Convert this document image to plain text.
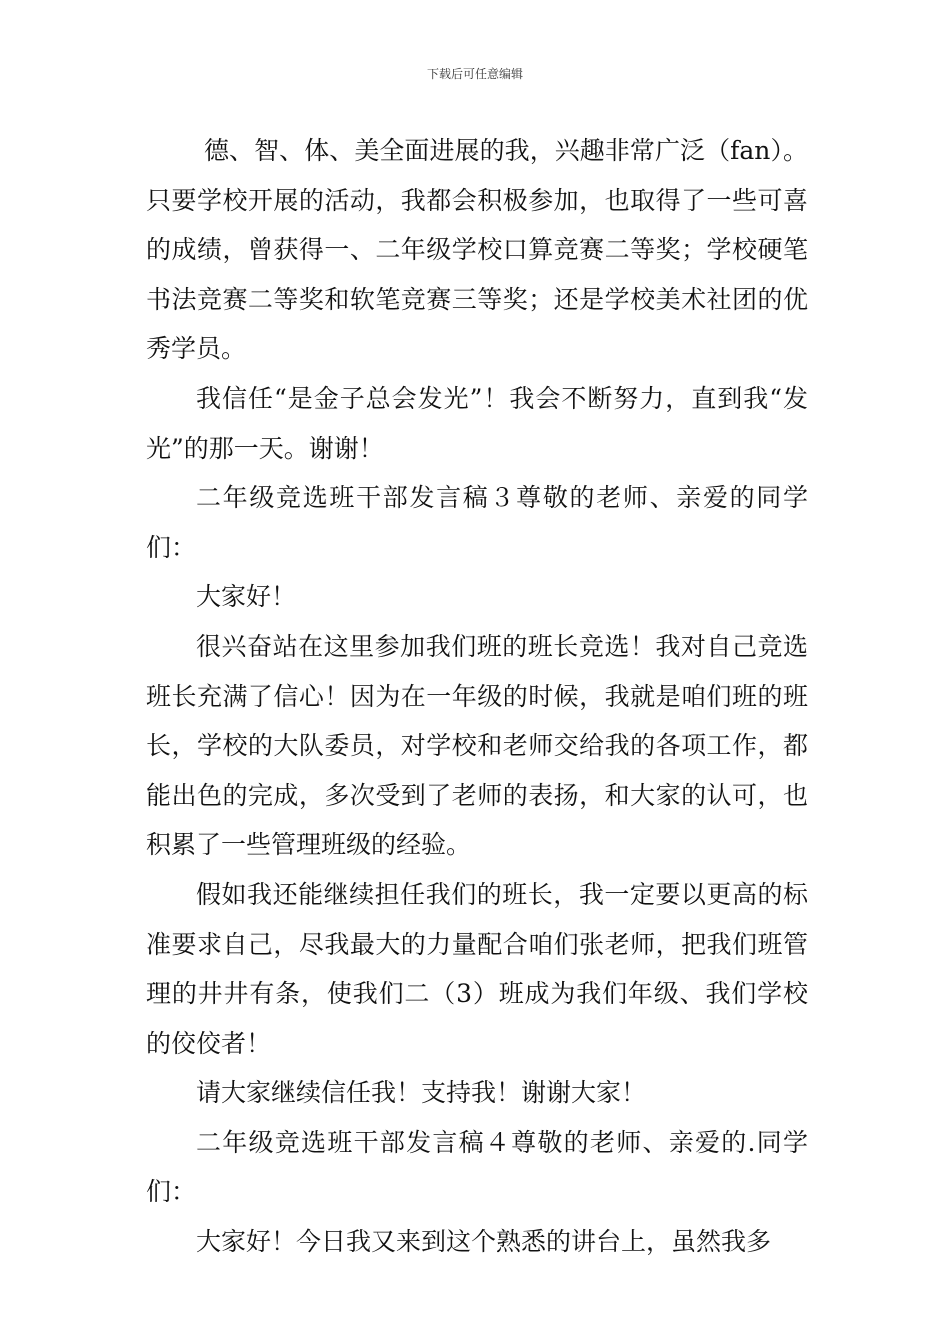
下载后可任意编辑

德、智、体、美全面进展的我，兴趣非常广泛（fan）。只要学校开展的活动，我都会积极参加，也取得了一些可喜的成绩，曾获得一、二年级学校口算竞赛二等奖；学校硬笔书法竞赛二等奖和软笔竞赛三等奖；还是学校美术社团的优秀学员。

我信任“是金子总会发光”！我会不断努力，直到我“发光”的那一天。谢谢！

二年级竞选班干部发言稿３尊敬的老师、亲爱的同学们：

大家好！

很兴奋站在这里参加我们班的班长竞选！我对自己竞选班长充满了信心！因为在一年级的时候，我就是咱们班的班长，学校的大队委员，对学校和老师交给我的各项工作，都能出色的完成，多次受到了老师的表扬，和大家的认可，也积累了一些管理班级的经验。

假如我还能继续担任我们的班长，我一定要以更高的标准要求自己，尽我最大的力量配合咱们张老师，把我们班管理的井井有条，使我们二（3）班成为我们年级、我们学校的佼佼者！

请大家继续信任我！支持我！谢谢大家！

二年级竞选班干部发言稿４尊敬的老师、亲爱的.同学们：

大家好！今日我又来到这个熟悉的讲台上，虽然我多
